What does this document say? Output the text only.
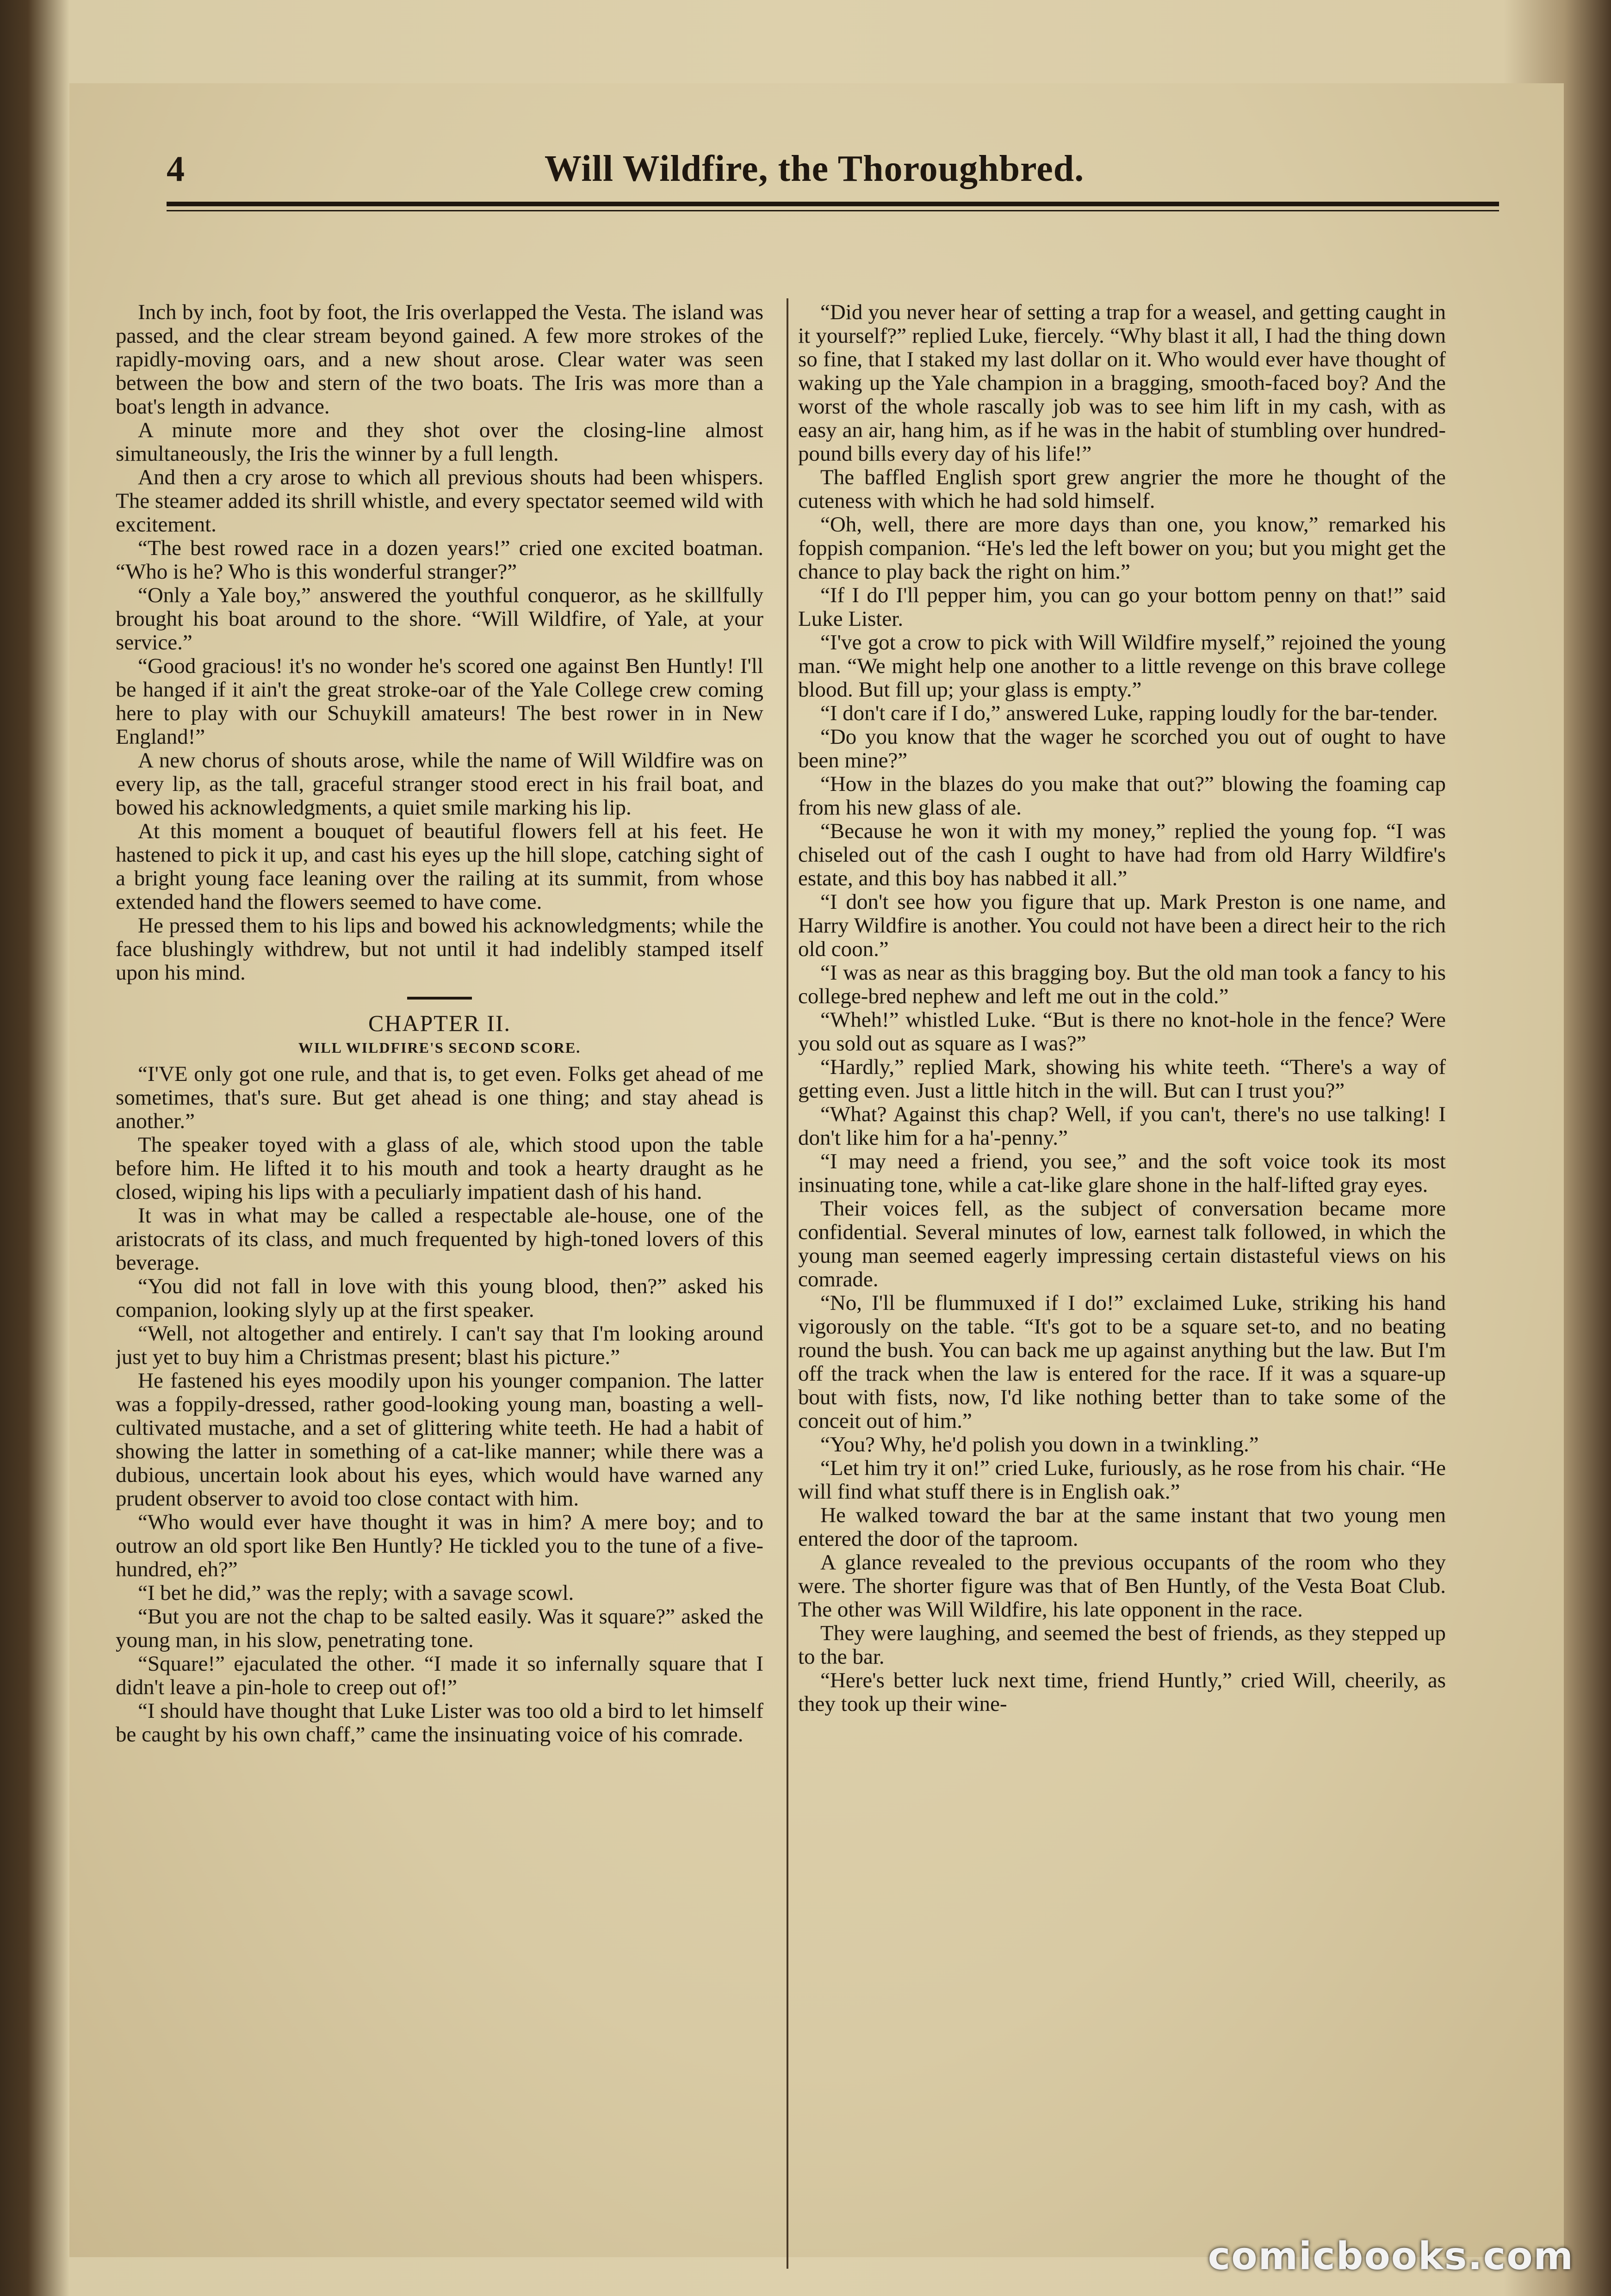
4	Will Wildfire, the Thoroughbred.

Inch by inch, foot by foot, the Iris overlapped the Vesta. The island was passed, and the clear stream beyond gained. A few more strokes of the rapidly-moving oars, and a new shout arose. Clear water was seen between the bow and stern of the two boats. The Iris was more than a boat's length in advance.

A minute more and they shot over the closing-line almost simultaneously, the Iris the winner by a full length.

And then a cry arose to which all previous shouts had been whispers. The steamer added its shrill whistle, and every spectator seemed wild with excitement.

“The best rowed race in a dozen years!” cried one excited boatman. “Who is he? Who is this wonderful stranger?”

“Only a Yale boy,” answered the youthful conqueror, as he skillfully brought his boat around to the shore. “Will Wildfire, of Yale, at your service.”

“Good gracious! it's no wonder he's scored one against Ben Huntly! I'll be hanged if it ain't the great stroke-oar of the Yale College crew coming here to play with our Schuykill amateurs! The best rower in in New England!”

A new chorus of shouts arose, while the name of Will Wildfire was on every lip, as the tall, graceful stranger stood erect in his frail boat, and bowed his acknowledgments, a quiet smile marking his lip.

At this moment a bouquet of beautiful flowers fell at his feet. He hastened to pick it up, and cast his eyes up the hill slope, catching sight of a bright young face leaning over the railing at its summit, from whose extended hand the flowers seemed to have come.

He pressed them to his lips and bowed his acknowledgments; while the face blushingly withdrew, but not until it had indelibly stamped itself upon his mind.

CHAPTER II.
WILL WILDFIRE'S SECOND SCORE.

“I'VE only got one rule, and that is, to get even. Folks get ahead of me sometimes, that's sure. But get ahead is one thing; and stay ahead is another.”

The speaker toyed with a glass of ale, which stood upon the table before him. He lifted it to his mouth and took a hearty draught as he closed, wiping his lips with a peculiarly impatient dash of his hand.

It was in what may be called a respectable ale-house, one of the aristocrats of its class, and much frequented by high-toned lovers of this beverage.

“You did not fall in love with this young blood, then?” asked his companion, looking slyly up at the first speaker.

“Well, not altogether and entirely. I can't say that I'm looking around just yet to buy him a Christmas present; blast his picture.”

He fastened his eyes moodily upon his younger companion. The latter was a foppily-dressed, rather good-looking young man, boasting a well-cultivated mustache, and a set of glittering white teeth. He had a habit of showing the latter in something of a cat-like manner; while there was a dubious, uncertain look about his eyes, which would have warned any prudent observer to avoid too close contact with him.

“Who would ever have thought it was in him? A mere boy; and to outrow an old sport like Ben Huntly? He tickled you to the tune of a five-hundred, eh?”

“I bet he did,” was the reply; with a savage scowl.

“But you are not the chap to be salted easily. Was it square?” asked the young man, in his slow, penetrating tone.

“Square!” ejaculated the other. “I made it so infernally square that I didn't leave a pin-hole to creep out of!”

“I should have thought that Luke Lister was too old a bird to let himself be caught by his own chaff,” came the insinuating voice of his comrade.

“Did you never hear of setting a trap for a weasel, and getting caught in it yourself?” replied Luke, fiercely. “Why blast it all, I had the thing down so fine, that I staked my last dollar on it. Who would ever have thought of waking up the Yale champion in a bragging, smooth-faced boy? And the worst of the whole rascally job was to see him lift in my cash, with as easy an air, hang him, as if he was in the habit of stumbling over hundred-pound bills every day of his life!”

The baffled English sport grew angrier the more he thought of the cuteness with which he had sold himself.

“Oh, well, there are more days than one, you know,” remarked his foppish companion. “He's led the left bower on you; but you might get the chance to play back the right on him.”

“If I do I'll pepper him, you can go your bottom penny on that!” said Luke Lister.

“I've got a crow to pick with Will Wildfire myself,” rejoined the young man. “We might help one another to a little revenge on this brave college blood. But fill up; your glass is empty.”

“I don't care if I do,” answered Luke, rapping loudly for the bar-tender.

“Do you know that the wager he scorched you out of ought to have been mine?”

“How in the blazes do you make that out?” blowing the foaming cap from his new glass of ale.

“Because he won it with my money,” replied the young fop. “I was chiseled out of the cash I ought to have had from old Harry Wildfire's estate, and this boy has nabbed it all.”

“I don't see how you figure that up. Mark Preston is one name, and Harry Wildfire is another. You could not have been a direct heir to the rich old coon.”

“I was as near as this bragging boy. But the old man took a fancy to his college-bred nephew and left me out in the cold.”

“Wheh!” whistled Luke. “But is there no knot-hole in the fence? Were you sold out as square as I was?”

“Hardly,” replied Mark, showing his white teeth. “There's a way of getting even. Just a little hitch in the will. But can I trust you?”

“What? Against this chap? Well, if you can't, there's no use talking! I don't like him for a ha'-penny.”

“I may need a friend, you see,” and the soft voice took its most insinuating tone, while a cat-like glare shone in the half-lifted gray eyes.

Their voices fell, as the subject of conversation became more confidential. Several minutes of low, earnest talk followed, in which the young man seemed eagerly impressing certain distasteful views on his comrade.

“No, I'll be flummuxed if I do!” exclaimed Luke, striking his hand vigorously on the table. “It's got to be a square set-to, and no beating round the bush. You can back me up against anything but the law. But I'm off the track when the law is entered for the race. If it was a square-up bout with fists, now, I'd like nothing better than to take some of the conceit out of him.”

“You? Why, he'd polish you down in a twinkling.”

“Let him try it on!” cried Luke, furiously, as he rose from his chair. “He will find what stuff there is in English oak.”

He walked toward the bar at the same instant that two young men entered the door of the taproom.

A glance revealed to the previous occupants of the room who they were. The shorter figure was that of Ben Huntly, of the Vesta Boat Club. The other was Will Wildfire, his late opponent in the race.

They were laughing, and seemed the best of friends, as they stepped up to the bar.

“Here's better luck next time, friend Huntly,” cried Will, cheerily, as they took up their wine-

comicbooks.com
